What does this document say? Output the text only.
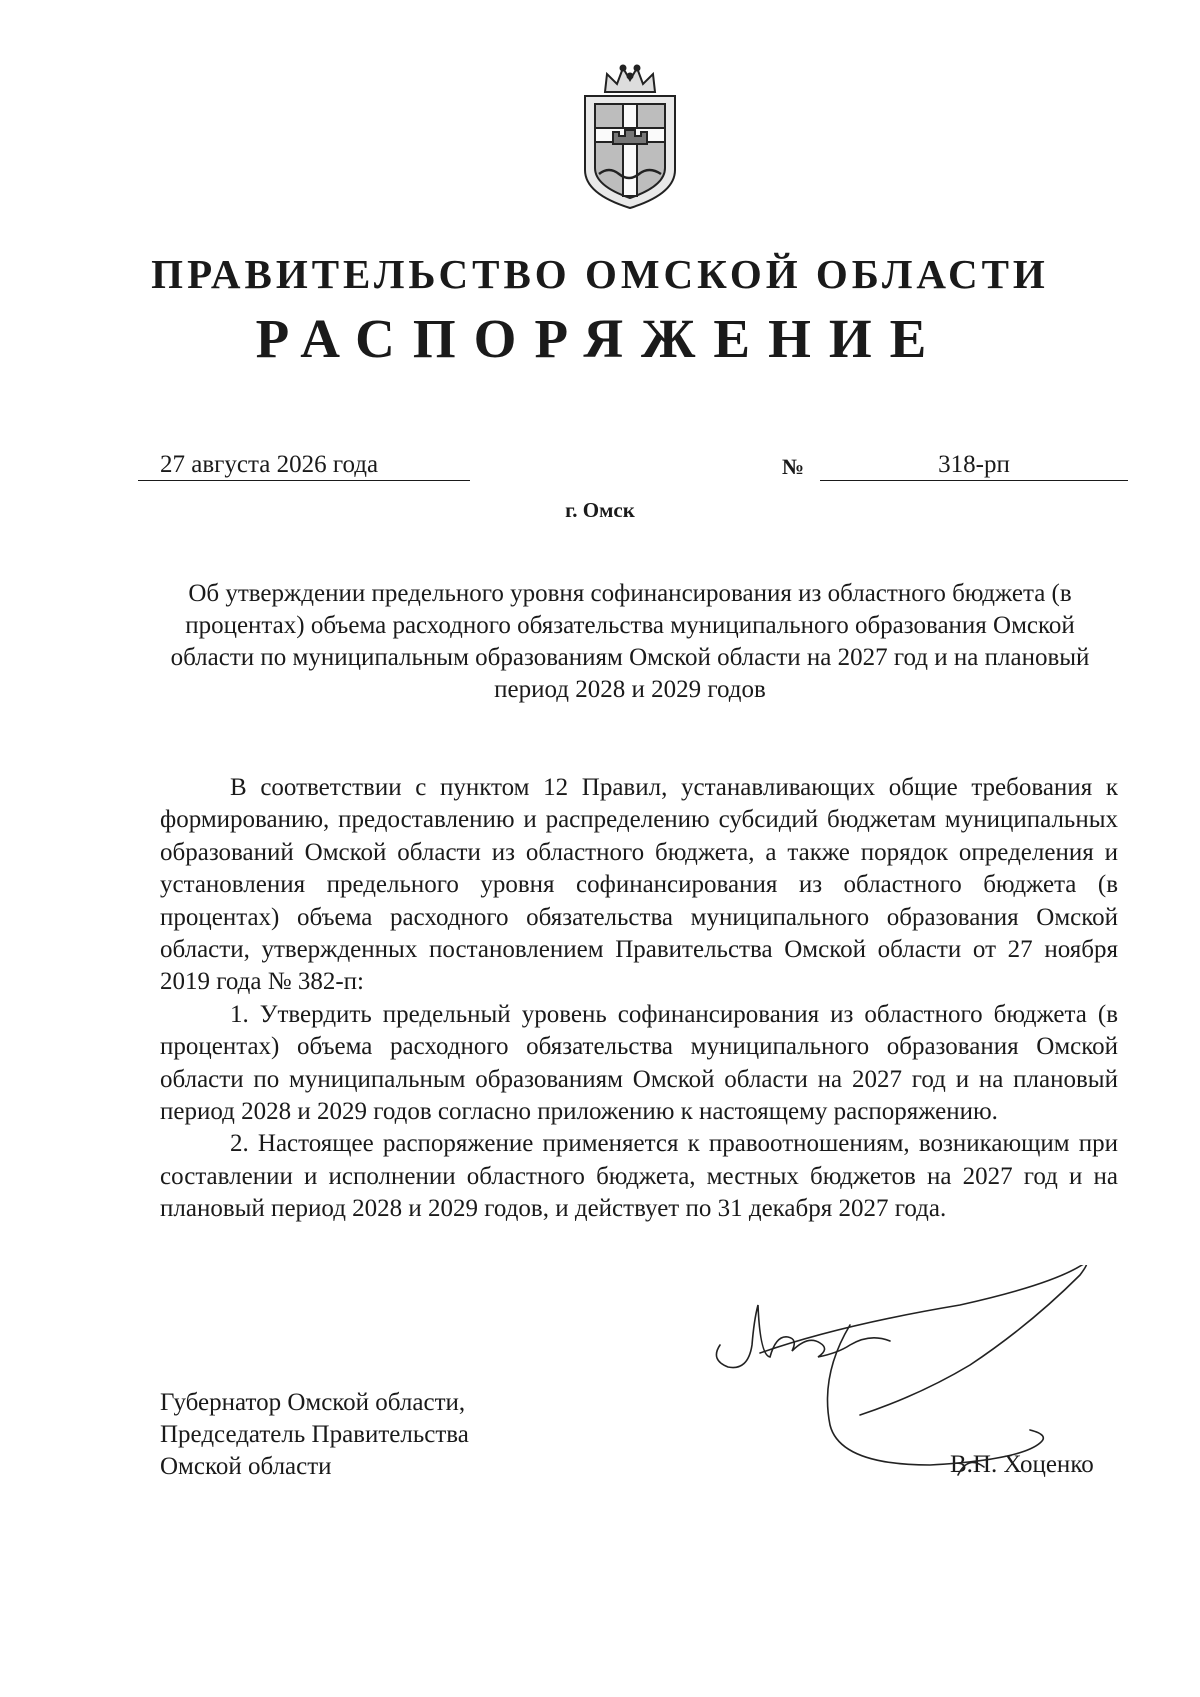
ПРАВИТЕЛЬСТВО ОМСКОЙ ОБЛАСТИ
РАСПОРЯЖЕНИЕ
27 августа 2026 года	№	318-рп
г. Омск
Об утверждении предельного уровня софинансирования из областного бюджета (в процентах) объема расходного обязательства муниципального образования Омской области по муниципальным образованиям Омской области на 2027 год и на плановый период 2028 и 2029 годов

В соответствии с пунктом 12 Правил, устанавливающих общие требования к формированию, предоставлению и распределению субсидий бюджетам муниципальных образований Омской области из областного бюджета, а также порядок определения и установления предельного уровня софинансирования из областного бюджета (в процентах) объема расходного обязательства муниципального образования Омской области, утвержденных постановлением Правительства Омской области от 27 ноября 2019 года № 382-п:

1. Утвердить предельный уровень софинансирования из областного бюджета (в процентах) объема расходного обязательства муниципального образования Омской области по муниципальным образованиям Омской области на 2027 год и на плановый период 2028 и 2029 годов согласно приложению к настоящему распоряжению.

2. Настоящее распоряжение применяется к правоотношениям, возникающим при составлении и исполнении областного бюджета, местных бюджетов на 2027 год и на плановый период 2028 и 2029 годов, и действует по 31 декабря 2027 года.

Губернатор Омской области,
Председатель Правительства
Омской области	В.П. Хоценко
